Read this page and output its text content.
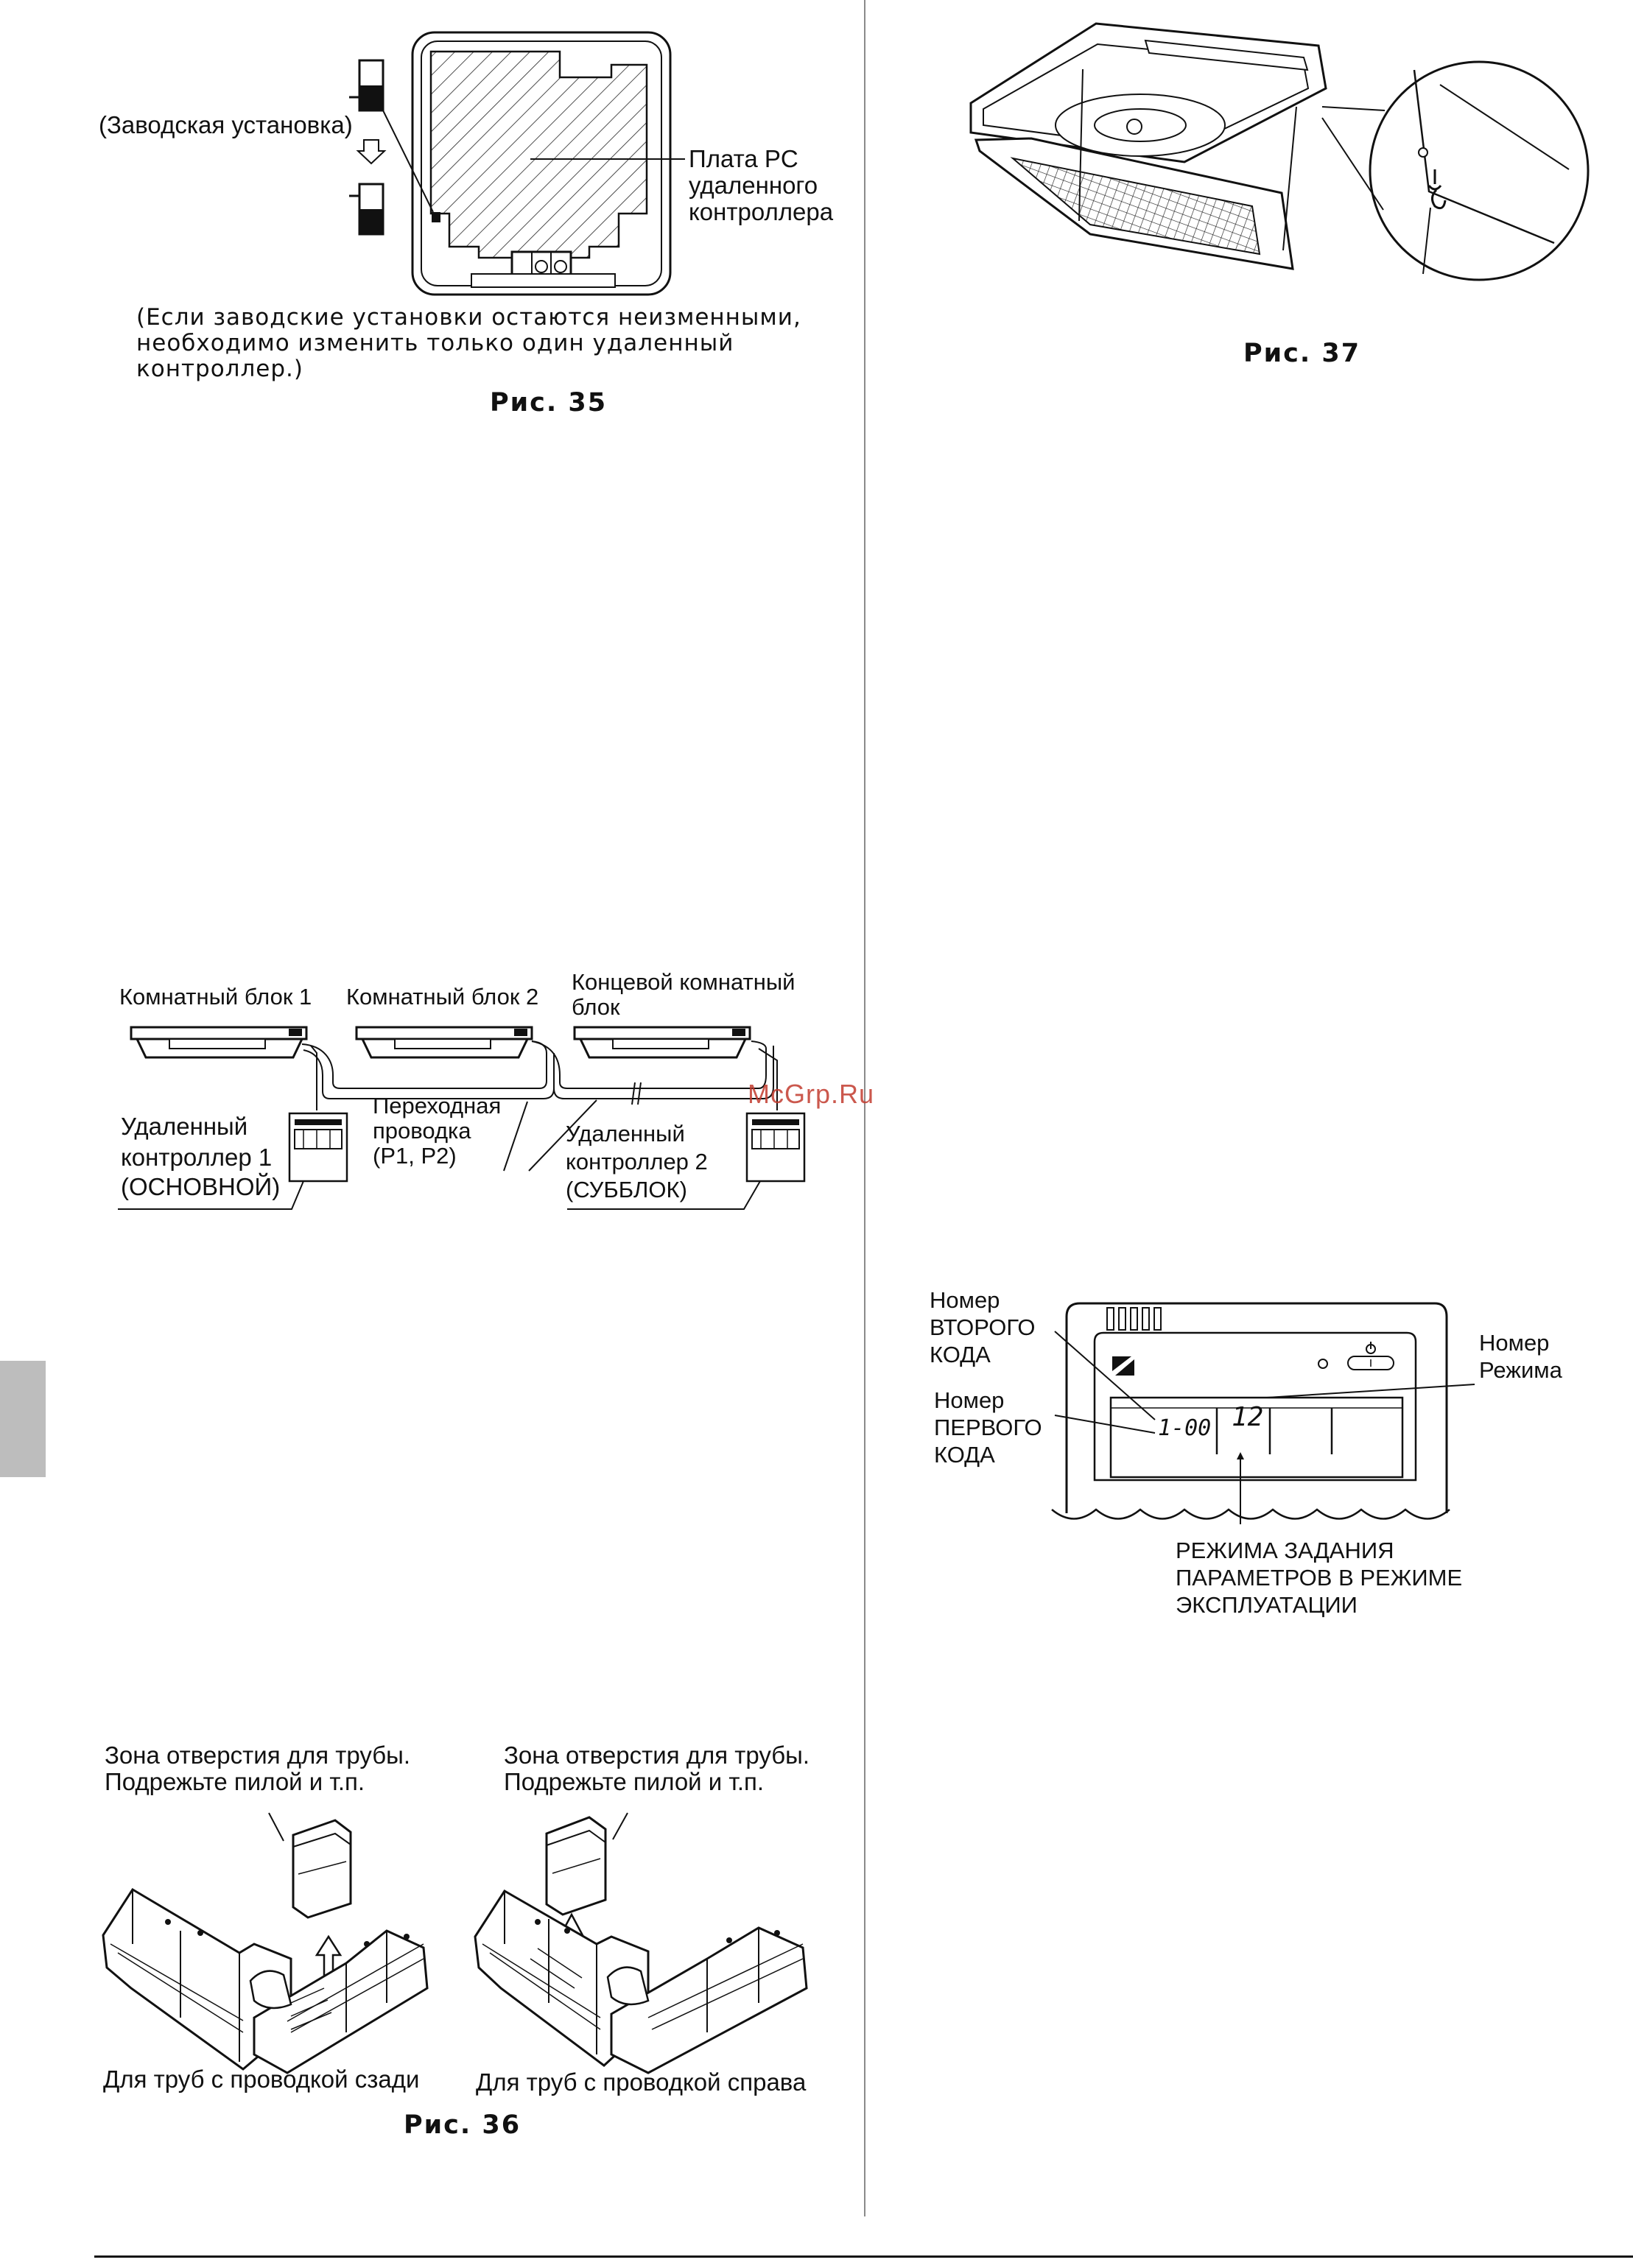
(Заводская установка)
Плата PC
удаленного
контроллера
(Если заводские установки остаются неизменными,
необходимо изменить только один удаленный
контроллер.)
Рис. 35
Рис. 37
Комнатный блок 1 Комнатный блок 2
Концевой комнатный
блок
Удаленный
контроллер 1
(ОСНОВНОЙ)
Переходная
проводка
(P1, P2)
Удаленный
контроллер 2
(СУББЛОК)
McGrp.Ru
1-00 12
Номер
ВТОРОГО
КОДА
Номер
ПЕРВОГО
КОДА
Номер
Режима
РЕЖИМА ЗАДАНИЯ
ПАРАМЕТРОВ В РЕЖИМЕ
ЭКСПЛУАТАЦИИ
Зона отверстия для трубы.
Подрежьте пилой и т.п.
Зона отверстия для трубы.
Подрежьте пилой и т.п.
Для труб с проводкой сзади Для труб с проводкой справа
Рис. 36
